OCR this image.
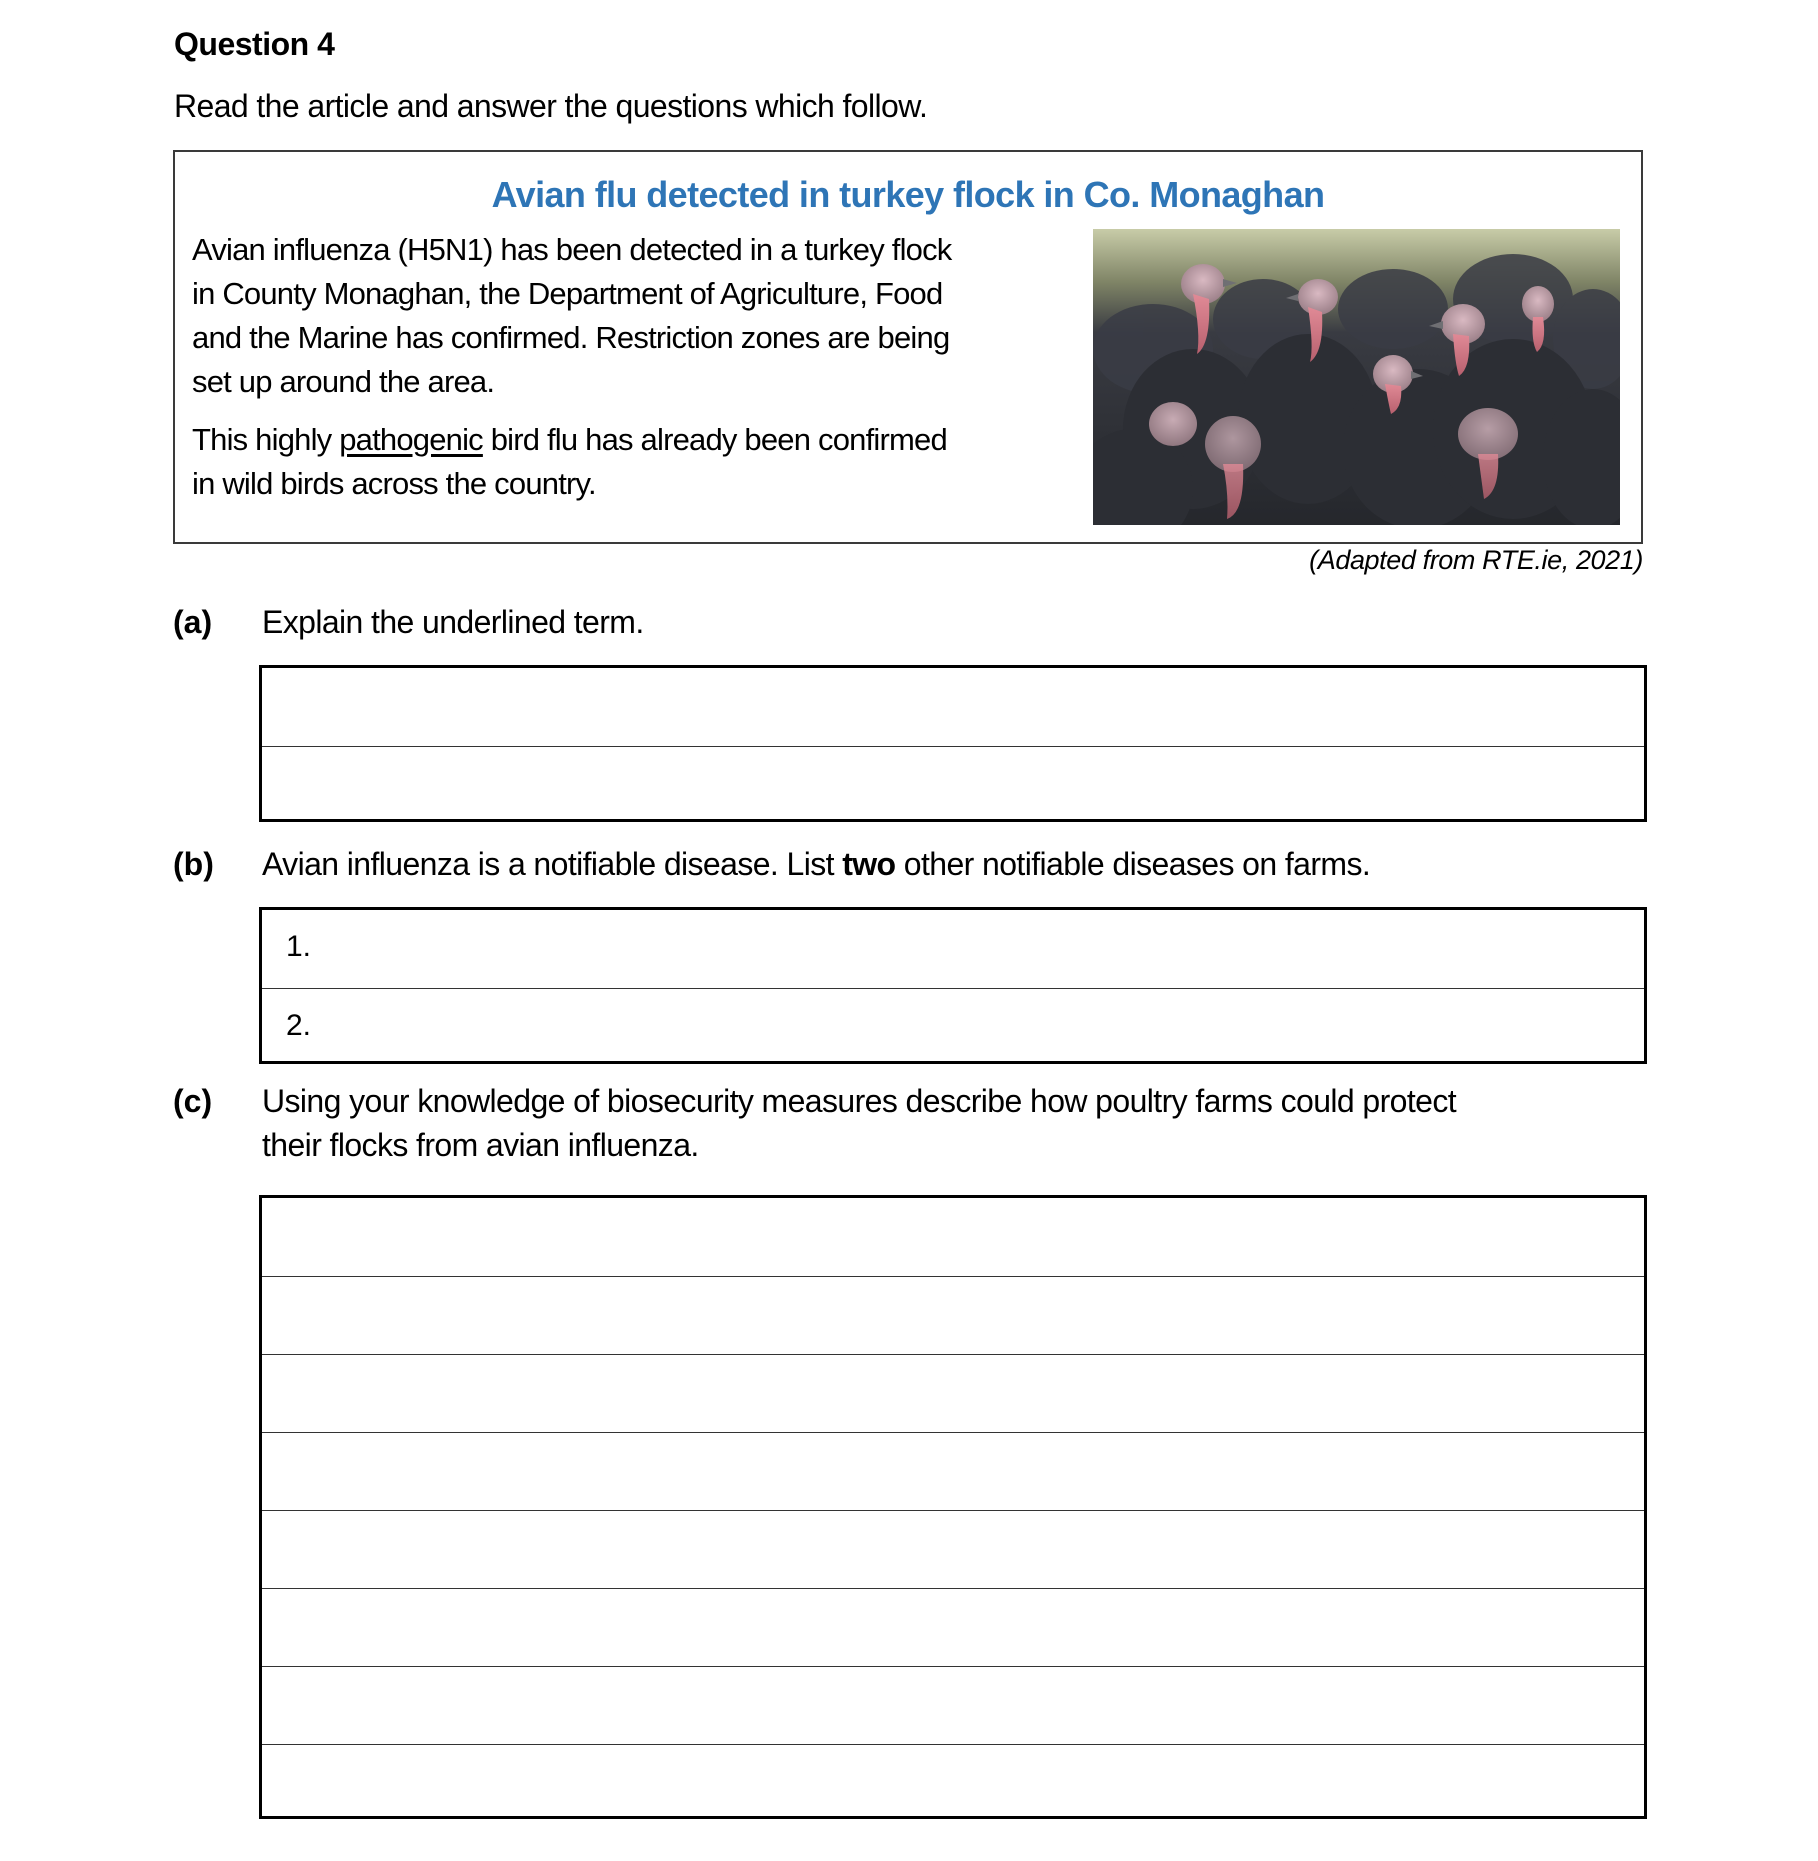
Question 4
Read the article and answer the questions which follow.
Avian flu detected in turkey flock in Co. Monaghan

Avian influenza (H5N1) has been detected in a turkey flock
in County Monaghan, the Department of Agriculture, Food
and the Marine has confirmed. Restriction zones are being
set up around the area.

This highly pathogenic bird flu has already been confirmed
in wild birds across the country.

(Adapted from RTE.ie, 2021)
(a) Explain the underlined term.
(b) Avian influenza is a notifiable disease. List two other notifiable diseases on farms.
1.
2.
(c) Using your knowledge of biosecurity measures describe how poultry farms could protect
their flocks from avian influenza.
